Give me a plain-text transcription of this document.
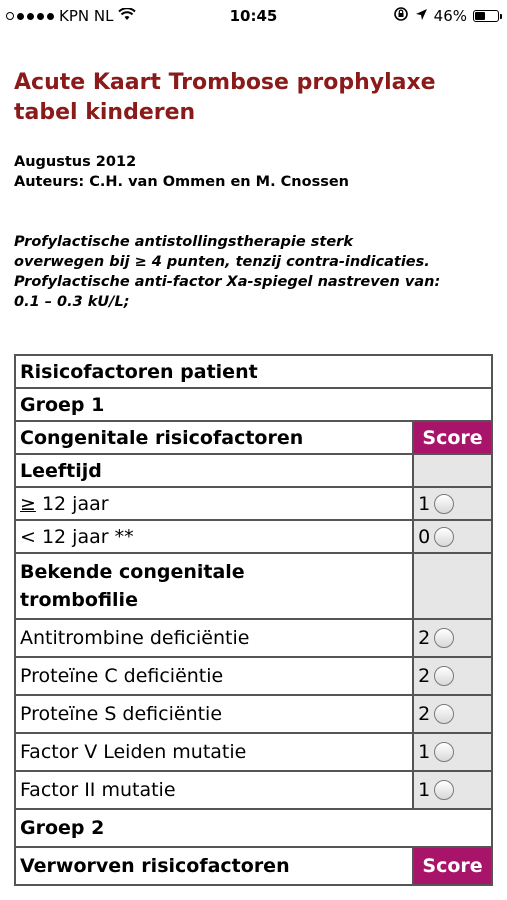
KPN NL	10:45	46%
Acute Kaart Trombose prophylaxe tabel kinderen
Augustus 2012
Auteurs: C.H. van Ommen en M. Cnossen
Profylactische antistollingstherapie sterk
overwegen bij ≥ 4 punten, tenzij contra-indicaties.
Profylactische anti-factor Xa-spiegel nastreven van:
0.1 – 0.3 kU/L;
Risicofactoren patient	
Groep 1	
Congenitale risicofactoren	Score
Leeftijd	
≥ 12 jaar	1

< 12 jaar **	0

Bekende congenitale
trombofilie	

Antitrombine deficiëntie	2

Proteïne C deficiëntie	2

Proteïne S deficiëntie	2

Factor V Leiden mutatie	1

Factor II mutatie	1

Groep 2	
Verworven risicofactoren	Score
